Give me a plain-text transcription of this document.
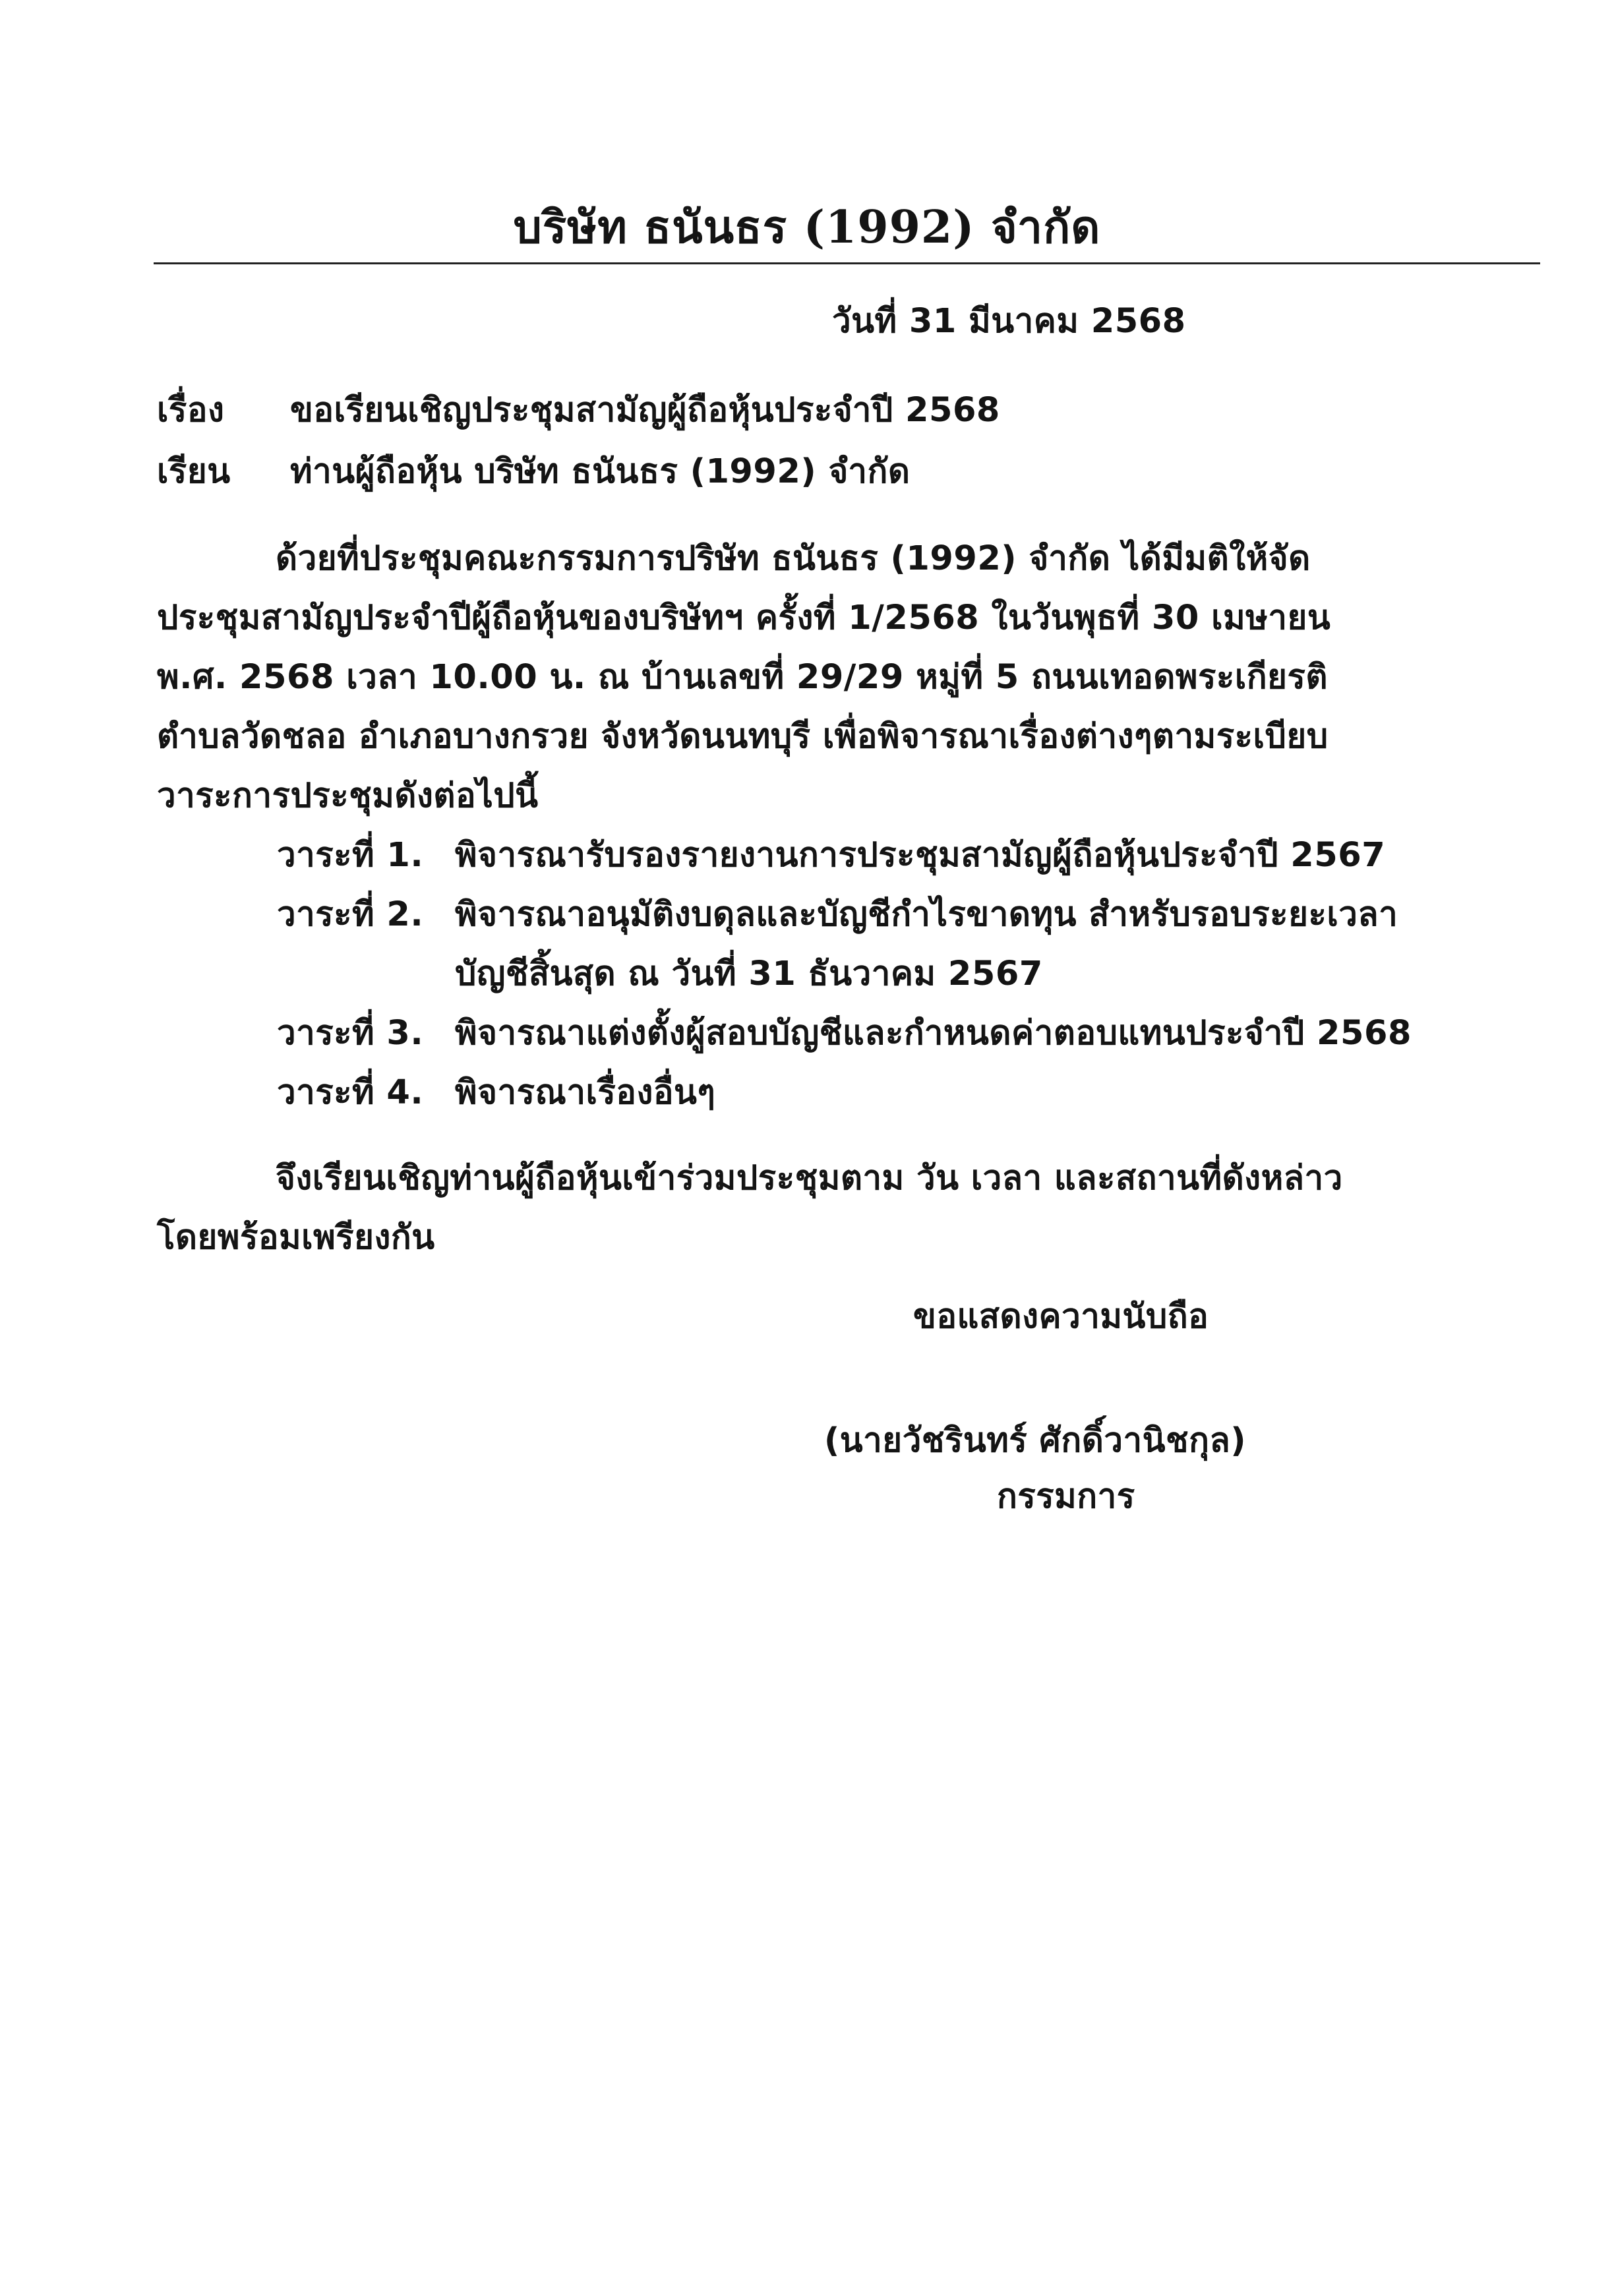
บริษัท ธนันธร (1992) จำกัด
วันที่ 31 มีนาคม 2568
เรื่อง ขอเรียนเชิญประชุมสามัญผู้ถือหุ้นประจำปี 2568
เรียน ท่านผู้ถือหุ้น บริษัท ธนันธร (1992) จำกัด
ด้วยที่ประชุมคณะกรรมการปริษัท ธนันธร (1992) จำกัด ได้มีมติให้จัด
ประชุมสามัญประจำปีผู้ถือหุ้นของบริษัทฯ ครั้งที่ 1/2568 ในวันพุธที่ 30 เมษายน
พ.ศ. 2568 เวลา 10.00 น. ณ บ้านเลขที่ 29/29 หมู่ที่ 5 ถนนเทอดพระเกียรติ
ตำบลวัดชลอ อำเภอบางกรวย จังหวัดนนทบุรี เพื่อพิจารณาเรื่องต่างๆตามระเบียบ
วาระการประชุมดังต่อไปนี้
วาระที่ 1. พิจารณารับรองรายงานการประชุมสามัญผู้ถือหุ้นประจำปี 2567
วาระที่ 2. พิจารณาอนุมัติงบดุลและบัญชีกำไรขาดทุน สำหรับรอบระยะเวลา
บัญชีสิ้นสุด ณ วันที่ 31 ธันวาคม 2567
วาระที่ 3. พิจารณาแต่งตั้งผู้สอบบัญชีและกำหนดค่าตอบแทนประจำปี 2568
วาระที่ 4. พิจารณาเรื่องอื่นๆ
จึงเรียนเชิญท่านผู้ถือหุ้นเข้าร่วมประชุมตาม วัน เวลา และสถานที่ดังหล่าว
โดยพร้อมเพรียงกัน
ขอแสดงความนับถือ
(นายวัชรินทร์ ศักดิ์วานิชกุล)
กรรมการ
